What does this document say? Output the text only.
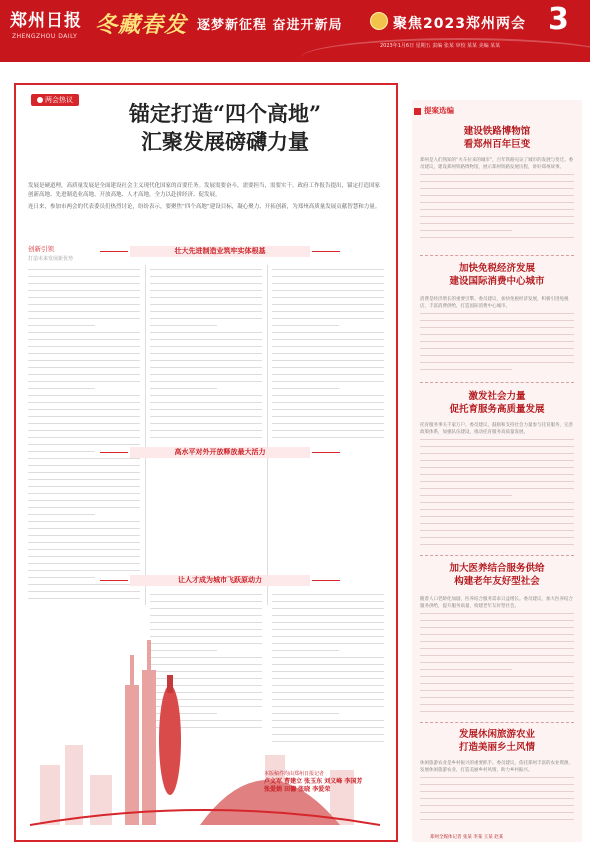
郑州日报
ZHENGZHOU DAILY 冬藏春发 逐梦新征程 奋进开新局	聚焦2023郑州两会 3
2023年1月6日 星期五 责编 张某 审校 某某 美编 某某
两会热议
锚定打造“四个高地”
汇聚发展磅礴力量

发展是硬道理，高质量发展是全面建设社会主义现代化国家的首要任务。发展需要奋斗，需要担当，需要实干。政府工作报告提出，锚定打造国家创新高地、先进制造业高地、开放高地、人才高地，全力以赴拼经济、促发展。

连日来，参加市两会的代表委员们热烈讨论，纷纷表示，要聚焦“四个高地”建设目标，凝心聚力、开拓创新，为郑州高质量发展贡献智慧和力量。

创新引领
打造未来发展新优势
壮大先进制造业筑牢实体根基
高水平对外开放释放最大活力
让人才成为城市飞跃原动力
本版稿件均由郑州日报记者
卢文军 曹建立 张玉东 刘义峰 李国芳
张爱娟 田德 张晓 李爱荣
提案选编
建设铁路博物馆
看郑州百年巨变

郑州是人们熟知的“火车拉来的城市”，百年铁路见证了城市的发展与变迁。委员建议，建设郑州铁路博物馆，展示郑州铁路发展历程，讲好郑州故事。

加快免税经济发展
建设国际消费中心城市

消费是经济增长的重要引擎。委员建议，加快免税经济发展，积极引进免税店，丰富消费供给，打造国际消费中心城市。

激发社会力量
促托育服务高质量发展

托育服务事关千家万户。委员建议，鼓励和支持社会力量参与托育服务，完善政策体系，加强队伍建设，推动托育服务高质量发展。

加大医养结合服务供给
构建老年友好型社会

随着人口老龄化加剧，医养结合服务需求日益增长。委员建议，加大医养结合服务供给，提升服务质量，构建老年友好型社会。

发展休闲旅游农业
打造美丽乡土风情

休闲旅游农业是乡村振兴的重要抓手。委员建议，依托郑州丰富的农业资源，发展休闲旅游农业，打造美丽乡村风情，助力乡村振兴。

郑州全媒体记者 张某 李某 王某 赵某
